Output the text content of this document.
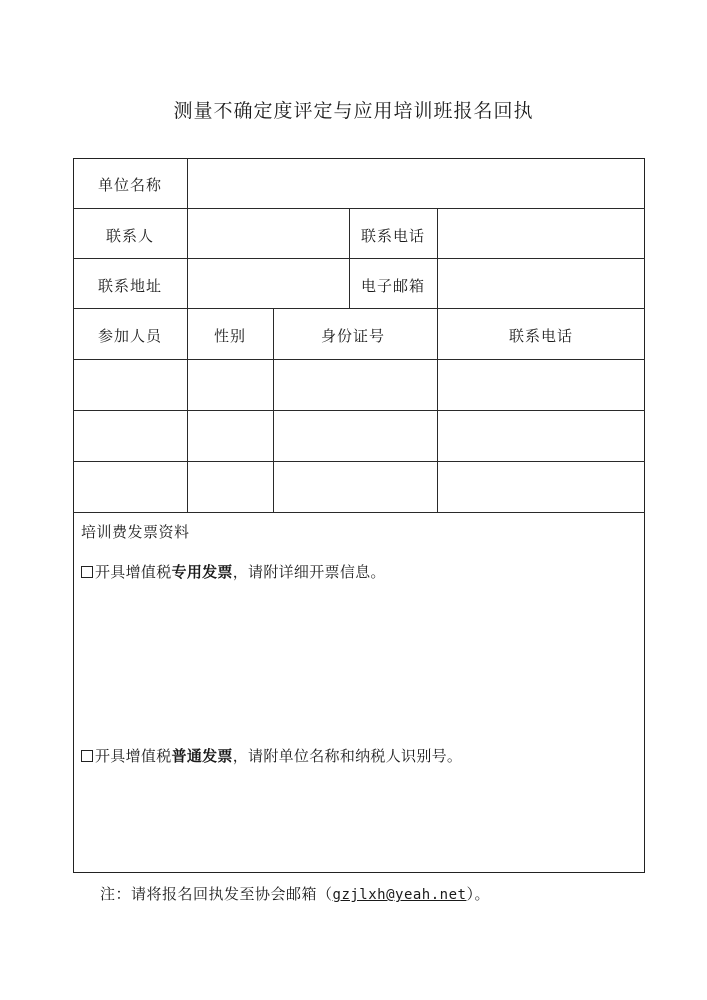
测量不确定度评定与应用培训班报名回执
单位名称
联系人	联系电话
联系地址	电子邮箱
参加人员	性别	身份证号	联系电话
培训费发票资料
开具增值税 专用发票 ，请附详细开票信息。
开具增值税 普通发票 ，请附单位名称和纳税人识别号。
注：请将报名回执发至协会邮箱（gzjlxh@yeah.net）。
